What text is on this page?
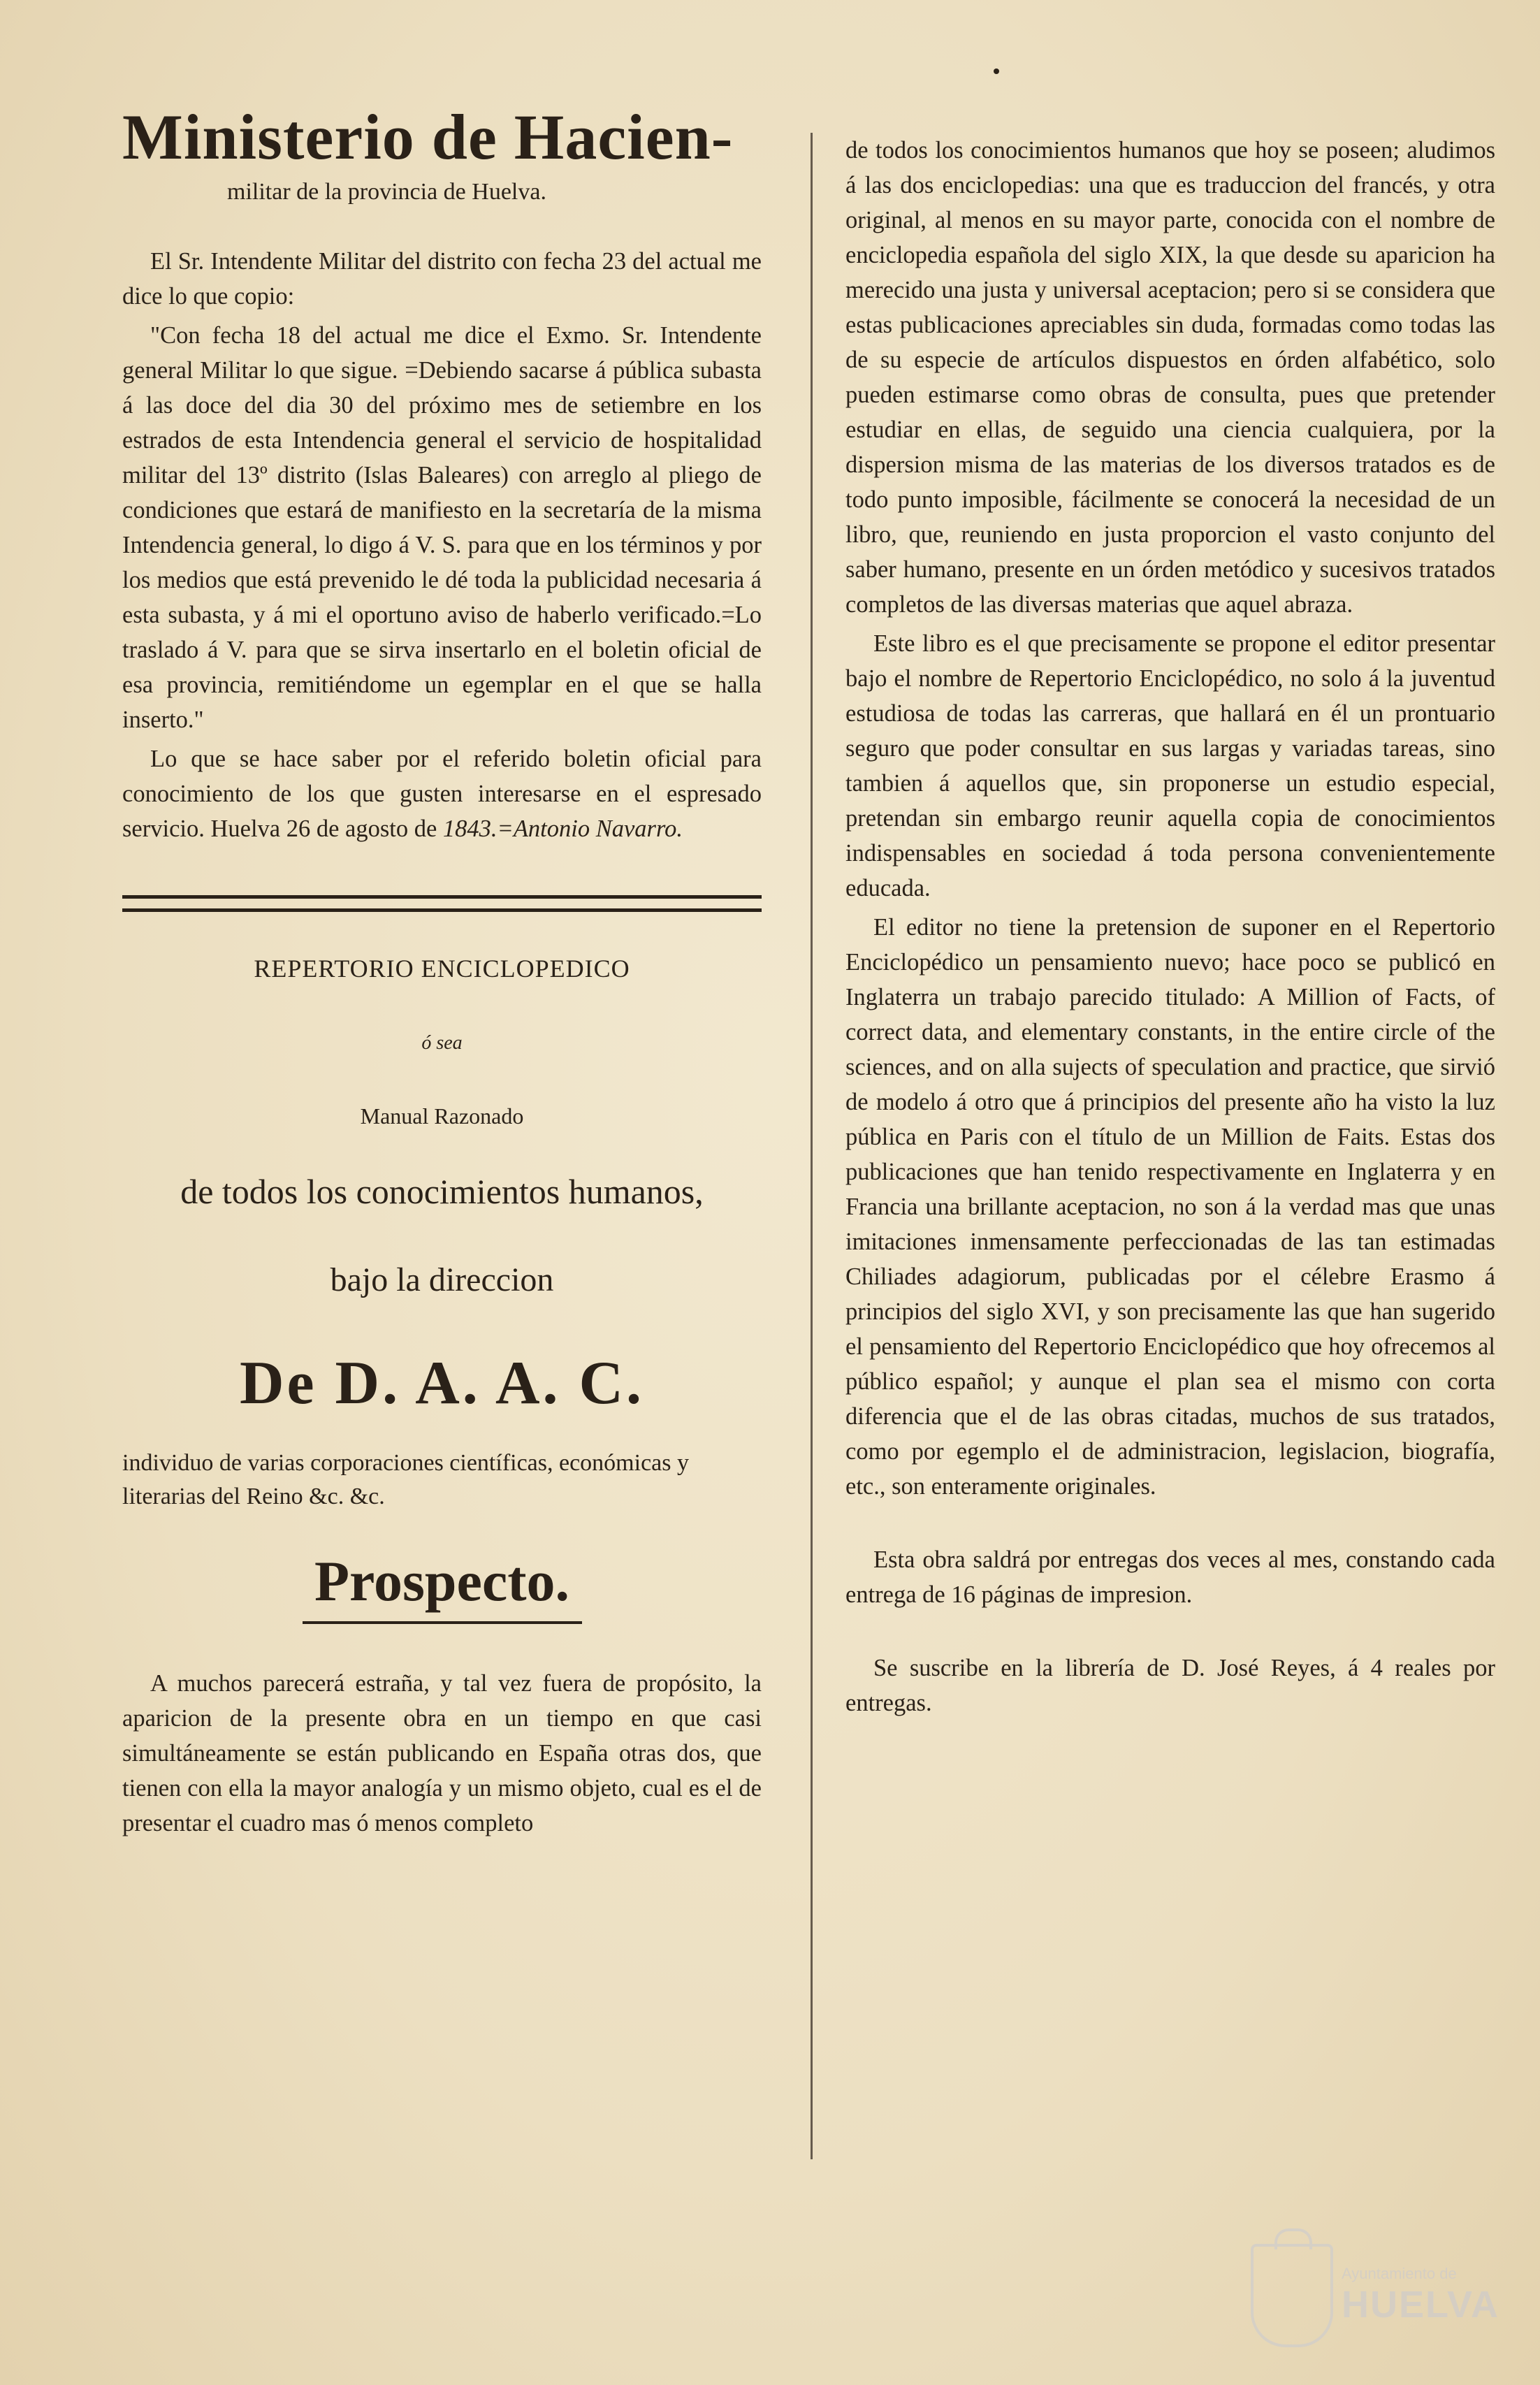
Ministerio de Hacien-
militar de la provincia de Huelva.

El Sr. Intendente Militar del distrito con fecha 23 del actual me dice lo que copio:

"Con fecha 18 del actual me dice el Exmo. Sr. Intendente general Militar lo que sigue. =Debiendo sacarse á pública subasta á las doce del dia 30 del próximo mes de setiembre en los estrados de esta Intendencia general el servicio de hospitalidad militar del 13º distrito (Islas Baleares) con arreglo al pliego de condiciones que estará de manifiesto en la secretaría de la misma Intendencia general, lo digo á V. S. para que en los términos y por los medios que está prevenido le dé toda la publicidad necesaria á esta subasta, y á mi el oportuno aviso de haberlo verificado.=Lo traslado á V. para que se sirva insertarlo en el boletin oficial de esa provincia, remitiéndome un egemplar en el que se halla inserto."

Lo que se hace saber por el referido boletin oficial para conocimiento de los que gusten interesarse en el espresado servicio. Huelva 26 de agosto de 1843.=Antonio Navarro.

REPERTORIO ENCICLOPEDICO
ó sea
Manual Razonado
de todos los conocimientos humanos,
bajo la direccion
De D. A. A. C.
individuo de varias corporaciones científicas, económicas y literarias del Reino &c. &c.
Prospecto.

A muchos parecerá estraña, y tal vez fuera de propósito, la aparicion de la presente obra en un tiempo en que casi simultáneamente se están publicando en España otras dos, que tienen con ella la mayor analogía y un mismo objeto, cual es el de presentar el cuadro mas ó menos completo

de todos los conocimientos humanos que hoy se poseen; aludimos á las dos enciclopedias: una que es traduccion del francés, y otra original, al menos en su mayor parte, conocida con el nombre de enciclopedia española del siglo XIX, la que desde su aparicion ha merecido una justa y universal aceptacion; pero si se considera que estas publicaciones apreciables sin duda, formadas como todas las de su especie de artículos dispuestos en órden alfabético, solo pueden estimarse como obras de consulta, pues que pretender estudiar en ellas, de seguido una ciencia cualquiera, por la dispersion misma de las materias de los diversos tratados es de todo punto imposible, fácilmente se conocerá la necesidad de un libro, que, reuniendo en justa proporcion el vasto conjunto del saber humano, presente en un órden metódico y sucesivos tratados completos de las diversas materias que aquel abraza.

Este libro es el que precisamente se propone el editor presentar bajo el nombre de Repertorio Enciclopédico, no solo á la juventud estudiosa de todas las carreras, que hallará en él un prontuario seguro que poder consultar en sus largas y variadas tareas, sino tambien á aquellos que, sin proponerse un estudio especial, pretendan sin embargo reunir aquella copia de conocimientos indispensables en sociedad á toda persona convenientemente educada.

El editor no tiene la pretension de suponer en el Repertorio Enciclopédico un pensamiento nuevo; hace poco se publicó en Inglaterra un trabajo parecido titulado: A Million of Facts, of correct data, and elementary constants, in the entire circle of the sciences, and on alla sujects of speculation and practice, que sirvió de modelo á otro que á principios del presente año ha visto la luz pública en Paris con el título de un Million de Faits. Estas dos publicaciones que han tenido respectivamente en Inglaterra y en Francia una brillante aceptacion, no son á la verdad mas que unas imitaciones inmensamente perfeccionadas de las tan estimadas Chiliades adagiorum, publicadas por el célebre Erasmo á principios del siglo XVI, y son precisamente las que han sugerido el pensamiento del Repertorio Enciclopédico que hoy ofrecemos al público español; y aunque el plan sea el mismo con corta diferencia que el de las obras citadas, muchos de sus tratados, como por egemplo el de administracion, legislacion, biografía, etc., son enteramente originales.

Esta obra saldrá por entregas dos veces al mes, constando cada entrega de 16 páginas de impresion.

Se suscribe en la librería de D. José Reyes, á 4 reales por entregas.

Ayuntamiento de
HUELVA
